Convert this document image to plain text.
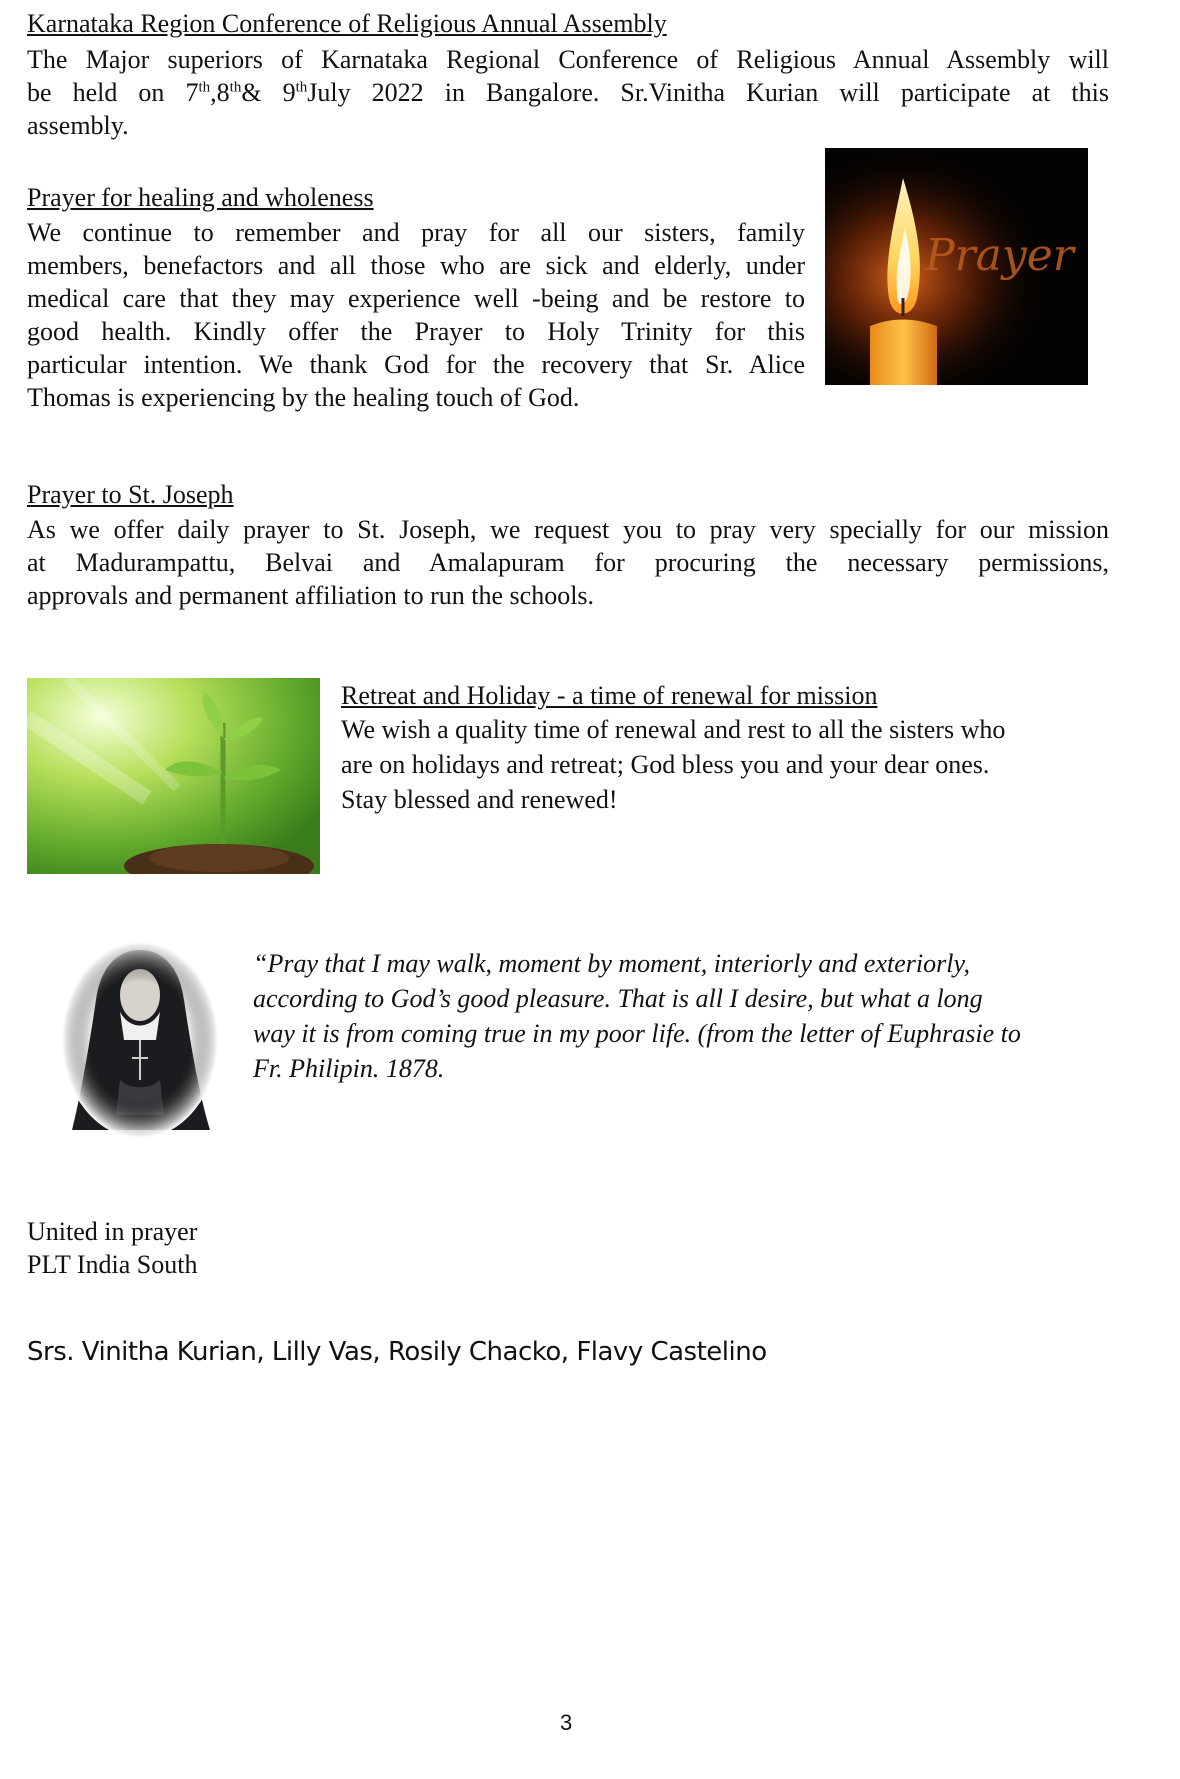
Karnataka Region Conference of Religious Annual Assembly
The Major superiors of Karnataka Regional Conference of Religious Annual Assembly will
be held on 7th,8th& 9thJuly 2022 in Bangalore. Sr.Vinitha Kurian will participate at this
assembly.
Prayer for healing and wholeness
We continue to remember and pray for all our sisters, family
members, benefactors and all those who are sick and elderly, under
medical care that they may experience well -being and be restore to
good health. Kindly offer the Prayer to Holy Trinity for this
particular intention. We thank God for the recovery that Sr. Alice
Thomas is experiencing by the healing touch of God.
Prayer
Prayer to St. Joseph
As we offer daily prayer to St. Joseph, we request you to pray very specially for our mission
at Madurampattu, Belvai and Amalapuram for procuring the necessary permissions,
approvals and permanent affiliation to run the schools.
Retreat and Holiday - a time of renewal for mission
We wish a quality time of renewal and rest to all the sisters who
are on holidays and retreat; God bless you and your dear ones.
Stay blessed and renewed!
“Pray that I may walk, moment by moment, interiorly and exteriorly,
according to God’s good pleasure. That is all I desire, but what a long
way it is from coming true in my poor life. (from the letter of Euphrasie to
Fr. Philipin. 1878.
United in prayer
PLT India South
Srs. Vinitha Kurian, Lilly Vas, Rosily Chacko, Flavy Castelino
3
